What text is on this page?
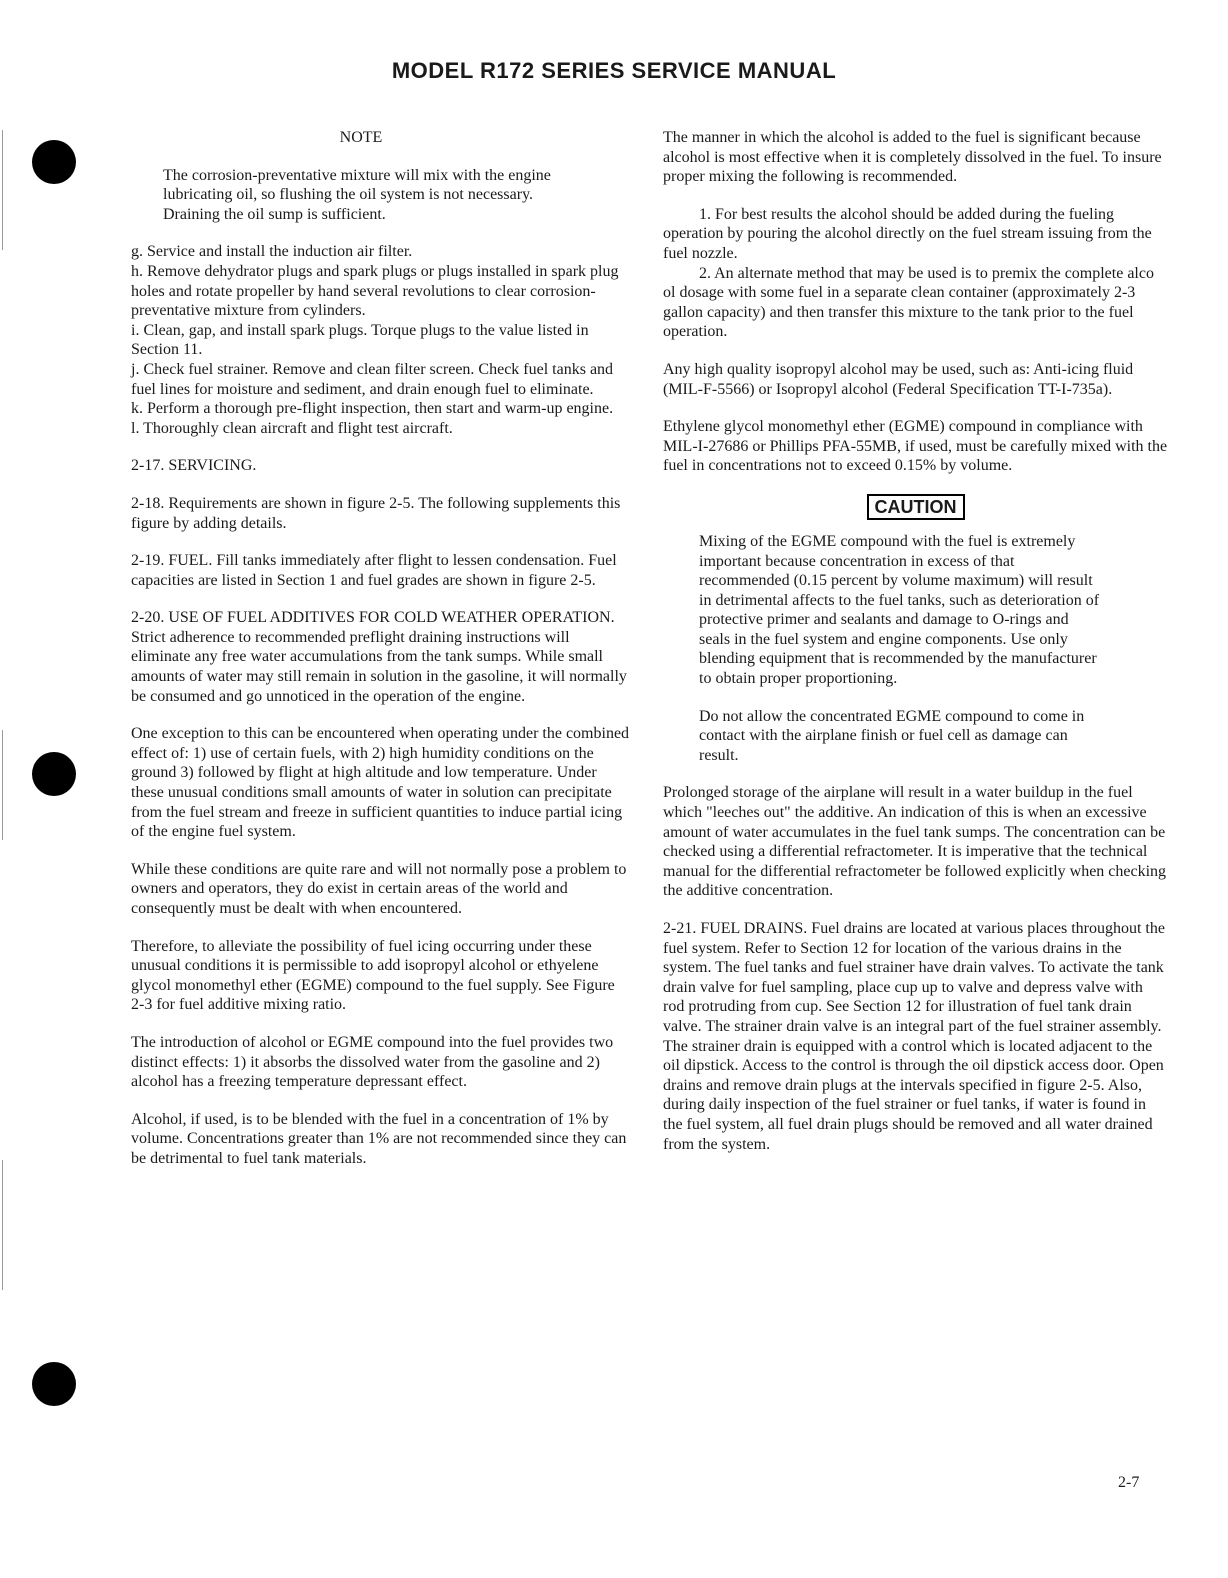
MODEL R172 SERIES SERVICE MANUAL

NOTE

The corrosion-preventative mixture will mix with the engine lubricating oil, so flushing the oil system is not necessary. Draining the oil sump is sufficient.

g. Service and install the induction air filter.

h. Remove dehydrator plugs and spark plugs or plugs installed in spark plug holes and rotate propeller by hand several revolutions to clear corrosion-preventative mixture from cylinders.

i. Clean, gap, and install spark plugs. Torque plugs to the value listed in Section 11.

j. Check fuel strainer. Remove and clean filter screen. Check fuel tanks and fuel lines for moisture and sediment, and drain enough fuel to eliminate.

k. Perform a thorough pre-flight inspection, then start and warm-up engine.

l. Thoroughly clean aircraft and flight test aircraft.

2-17. SERVICING.

2-18. Requirements are shown in figure 2-5. The following supplements this figure by adding details.

2-19. FUEL. Fill tanks immediately after flight to lessen condensation. Fuel capacities are listed in Section 1 and fuel grades are shown in figure 2-5.

2-20. USE OF FUEL ADDITIVES FOR COLD WEATHER OPERATION. Strict adherence to recommended preflight draining instructions will eliminate any free water accumulations from the tank sumps. While small amounts of water may still remain in solution in the gasoline, it will normally be consumed and go unnoticed in the operation of the engine.

One exception to this can be encountered when operating under the combined effect of: 1) use of certain fuels, with 2) high humidity conditions on the ground 3) followed by flight at high altitude and low temperature. Under these unusual conditions small amounts of water in solution can precipitate from the fuel stream and freeze in sufficient quantities to induce partial icing of the engine fuel system.

While these conditions are quite rare and will not normally pose a problem to owners and operators, they do exist in certain areas of the world and consequently must be dealt with when encountered.

Therefore, to alleviate the possibility of fuel icing occurring under these unusual conditions it is permissible to add isopropyl alcohol or ethyelene glycol monomethyl ether (EGME) compound to the fuel supply. See Figure 2-3 for fuel additive mixing ratio.

The introduction of alcohol or EGME compound into the fuel provides two distinct effects: 1) it absorbs the dissolved water from the gasoline and 2) alcohol has a freezing temperature depressant effect.

Alcohol, if used, is to be blended with the fuel in a concentration of 1% by volume. Concentrations greater than 1% are not recommended since they can be detrimental to fuel tank materials.

The manner in which the alcohol is added to the fuel is significant because alcohol is most effective when it is completely dissolved in the fuel. To insure proper mixing the following is recommended.

1. For best results the alcohol should be added during the fueling operation by pouring the alcohol directly on the fuel stream issuing from the fuel nozzle.

2. An alternate method that may be used is to premix the complete alco ol dosage with some fuel in a separate clean container (approximately 2-3 gallon capacity) and then transfer this mixture to the tank prior to the fuel operation.

Any high quality isopropyl alcohol may be used, such as: Anti-icing fluid (MIL-F-5566) or Isopropyl alcohol (Federal Specification TT-I-735a).

Ethylene glycol monomethyl ether (EGME) compound in compliance with MIL-I-27686 or Phillips PFA-55MB, if used, must be carefully mixed with the fuel in concentrations not to exceed 0.15% by volume.

CAUTION

Mixing of the EGME compound with the fuel is extremely important because concentration in excess of that recommended (0.15 percent by volume maximum) will result in detrimental affects to the fuel tanks, such as deterioration of protective primer and sealants and damage to O-rings and seals in the fuel system and engine components. Use only blending equipment that is recommended by the manufacturer to obtain proper proportioning.

Do not allow the concentrated EGME compound to come in contact with the airplane finish or fuel cell as damage can result.

Prolonged storage of the airplane will result in a water buildup in the fuel which "leeches out" the additive. An indication of this is when an excessive amount of water accumulates in the fuel tank sumps. The concentration can be checked using a differential refractometer. It is imperative that the technical manual for the differential refractometer be followed explicitly when checking the additive concentration.

2-21. FUEL DRAINS. Fuel drains are located at various places throughout the fuel system. Refer to Section 12 for location of the various drains in the system. The fuel tanks and fuel strainer have drain valves. To activate the tank drain valve for fuel sampling, place cup up to valve and depress valve with rod protruding from cup. See Section 12 for illustration of fuel tank drain valve. The strainer drain valve is an integral part of the fuel strainer assembly. The strainer drain is equipped with a control which is located adjacent to the oil dipstick. Access to the control is through the oil dipstick access door. Open drains and remove drain plugs at the intervals specified in figure 2-5. Also, during daily inspection of the fuel strainer or fuel tanks, if water is found in the fuel system, all fuel drain plugs should be removed and all water drained from the system.

2-7
